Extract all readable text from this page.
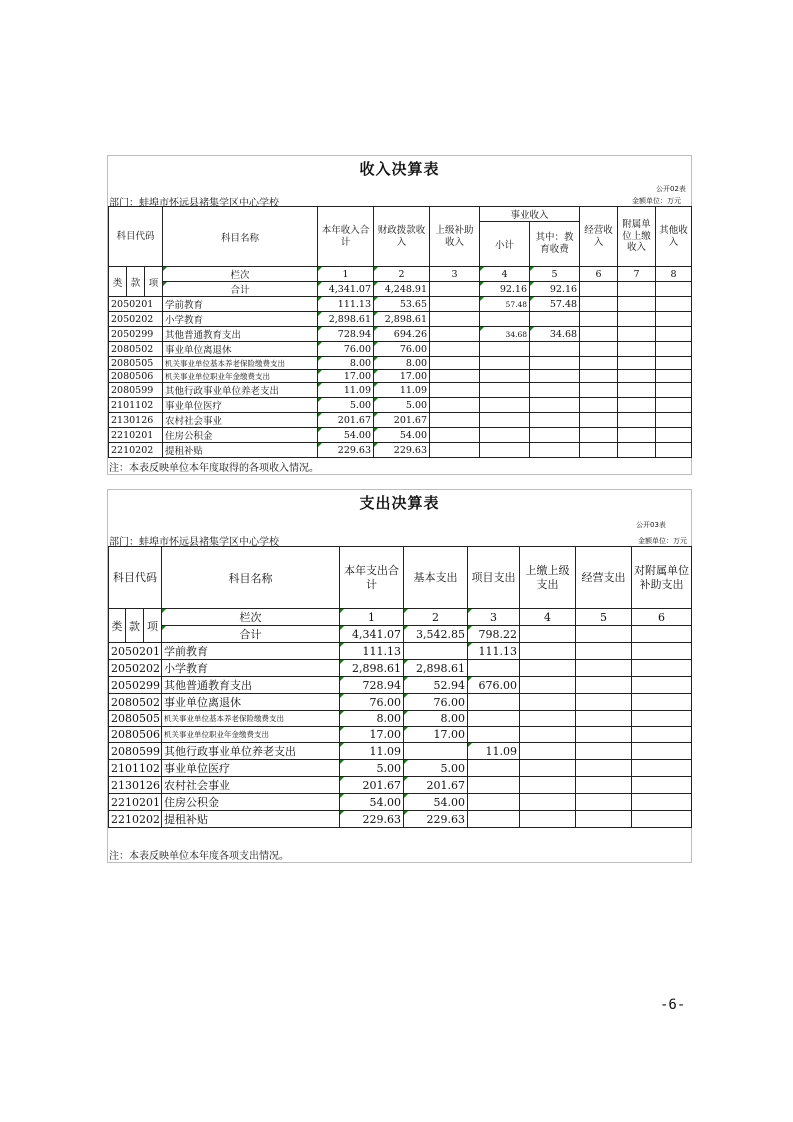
收入决算表
公开02表
金额单位：万元
部门：蚌埠市怀远县褚集学区中心学校
科目代码			科目名称	本年收入合计	财政拨款收入	上级补助收入	事业收入		经营收入	附属单位上缴收入	其他收入
							小计	其中：教育收费			
类	款	项	栏次	1	2	3	4	5	6	7	8
			合计	4,341.07	4,248.91		92.16	92.16			
2050201			学前教育	111.13	53.65		57.48	57.48			
2050202			小学教育	2,898.61	2,898.61						
2050299			其他普通教育支出	728.94	694.26		34.68	34.68			
2080502			事业单位离退休	76.00	76.00						
2080505			机关事业单位基本养老保险缴费支出	8.00	8.00						
2080506			机关事业单位职业年金缴费支出	17.00	17.00						
2080599			其他行政事业单位养老支出	11.09	11.09						
2101102			事业单位医疗	5.00	5.00						
2130126			农村社会事业	201.67	201.67						
2210201			住房公积金	54.00	54.00						
2210202			提租补贴	229.63	229.63						
注：本表反映单位本年度取得的各项收入情况。
支出决算表
公开03表
金额单位：万元
部门：蚌埠市怀远县褚集学区中心学校
科目代码			科目名称	本年支出合计	基本支出	项目支出	上缴上级支出	经营支出	对附属单位补助支出
类	款	项	栏次	1	2	3	4	5	6
			合计	4,341.07	3,542.85	798.22			
2050201			学前教育	111.13		111.13			
2050202			小学教育	2,898.61	2,898.61				
2050299			其他普通教育支出	728.94	52.94	676.00			
2080502			事业单位离退休	76.00	76.00				
2080505			机关事业单位基本养老保险缴费支出	8.00	8.00				
2080506			机关事业单位职业年金缴费支出	17.00	17.00				
2080599			其他行政事业单位养老支出	11.09		11.09			
2101102			事业单位医疗	5.00	5.00				
2130126			农村社会事业	201.67	201.67				
2210201			住房公积金	54.00	54.00				
2210202			提租补贴	229.63	229.63				
注：本表反映单位本年度各项支出情况。
-6-
